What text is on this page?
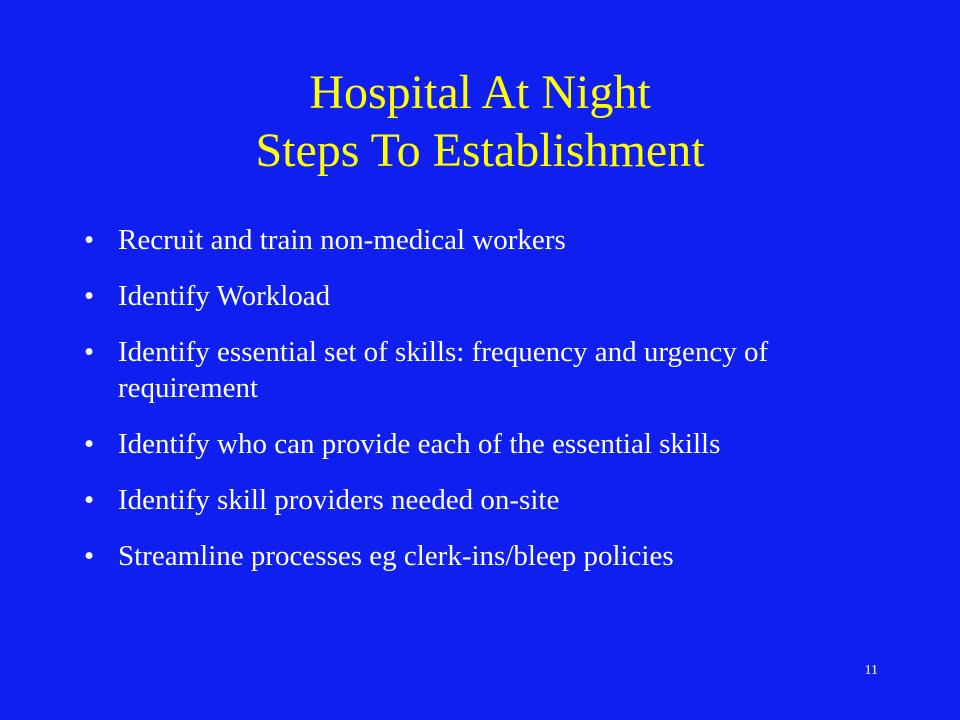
Hospital At Night
Steps To Establishment
• Recruit and train non-medical workers
• Identify Workload
• Identify essential set of skills: frequency and urgency of requirement
• Identify who can provide each of the essential skills
• Identify skill providers needed on-site
• Streamline processes eg clerk-ins/bleep policies
11
